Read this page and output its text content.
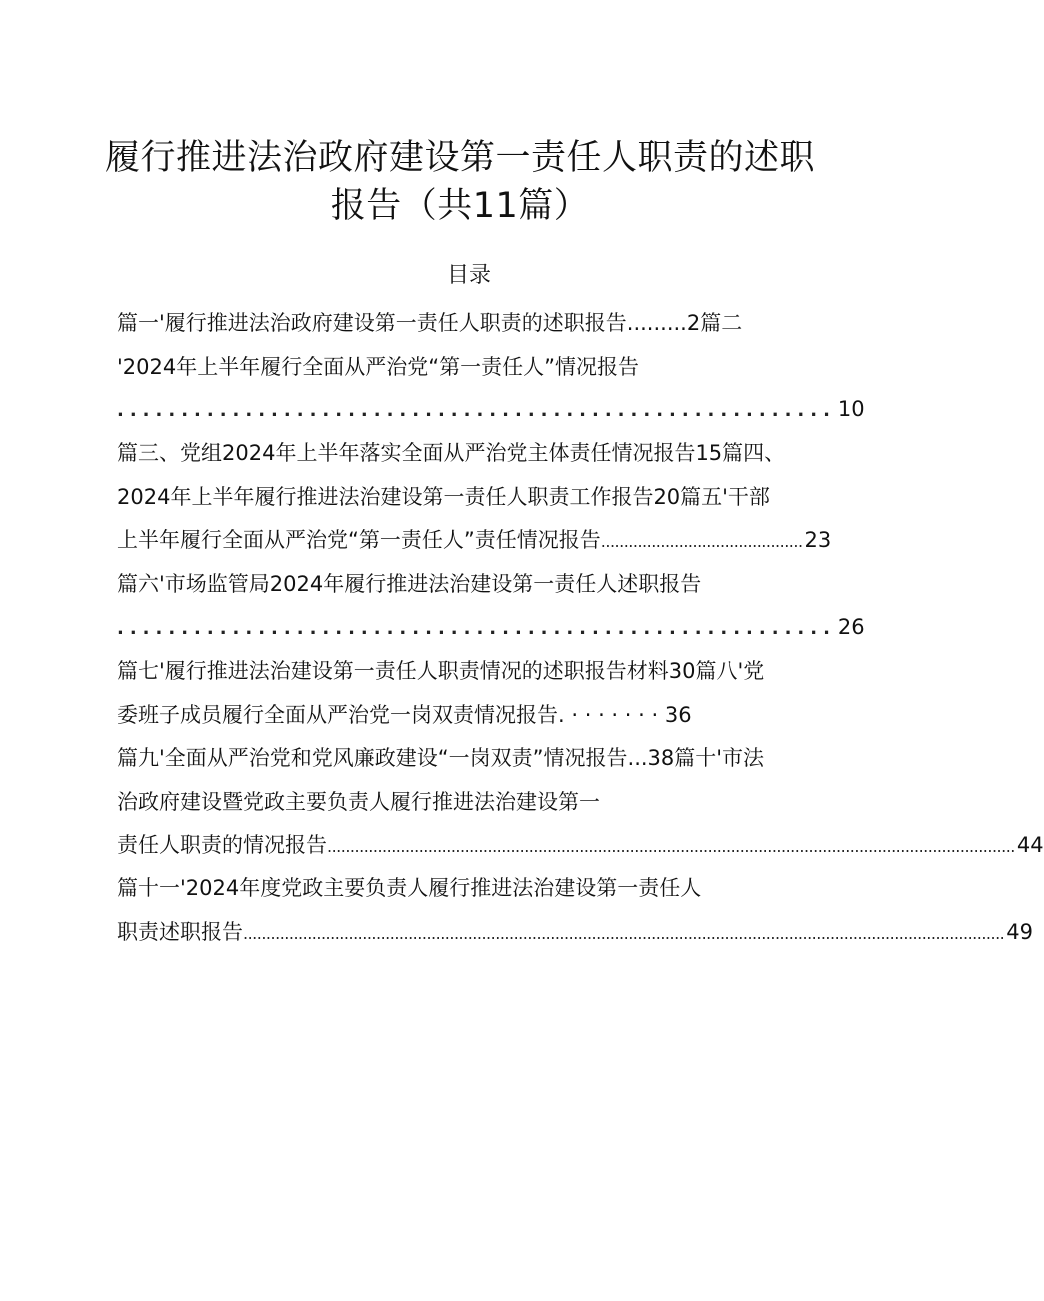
履行推进法治政府建设第一责任人职责的述职
报告（共11篇）
目录
篇一'履行推进法治政府建设第一责任人职责的述职报告.........2篇二
'2024年上半年履行全面从严治党“第一责任人”情况报告
........................................................ 10
篇三、党组2024年上半年落实全面从严治党主体责任情况报告15篇四、
2024年上半年履行推进法治建设第一责任人职责工作报告20篇五'干部
上半年履行全面从严治党“第一责任人”责任情况报告 ............................................ 23
篇六'市场监管局2024年履行推进法治建设第一责任人述职报告
........................................................ 26
篇七'履行推进法治建设第一责任人职责情况的述职报告材料30篇八'党
委班子成员履行全面从严治党一岗双责情况报告. · · · · · · · 36
篇九'全面从严治党和党风廉政建设“一岗双责”情况报告...38篇十'市法
治政府建设暨党政主要负责人履行推进法治建设第一
责任人职责的情况报告 ...................................................................................................................................................... 44
篇十一'2024年度党政主要负责人履行推进法治建设第一责任人
职责述职报告 ...................................................................................................................................................................... 49
